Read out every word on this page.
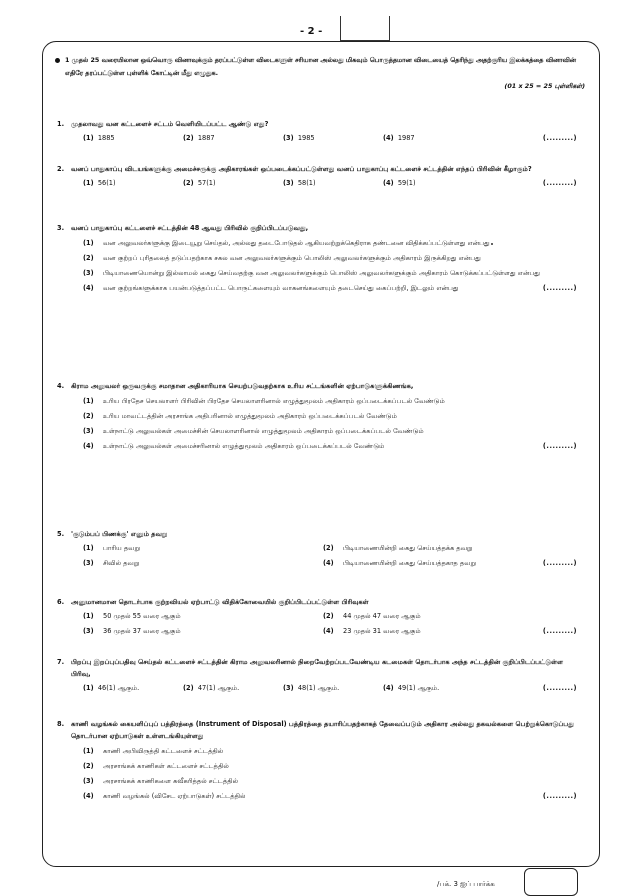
- 2 -
1 முதல் 25 வரையிலான ஒவ்வொரு வினாவுக்கும் தரப்பட்டுள்ள விடைகளுள் சரியான அல்லது மிகவும் பொருத்தமான விடையைத் தெரிந்து அதற்குரிய இலக்கத்தை வினாவின் எதிரே தரப்பட்டுள்ள புள்ளிக் கோட்டின் மீது எழுதுக.
(01 x 25 = 25 புள்ளிகள்)
1. முதலாவது வன கட்டளைச் சட்டம் வெளியிடப்பட்ட ஆண்டு எது?
(1) 1885	(2) 1887	(3) 1985	(4) 1987	(.........)
2. வனப் பாதுகாப்பு விடயங்களுக்கு அமைச்சருக்கு அதிகாரங்கள் ஒப்படைக்கப்பட்டுள்ளது வனப் பாதுகாப்பு கட்டளைச் சட்டத்தின் எந்தப் பிரிவின் கீழாகும்?
(1) 56(1)	(2) 57(1)	(3) 58(1)	(4) 59(1)	(.........)
3. வனப் பாதுகாப்பு கட்டளைச் சட்டத்தின் 48 ஆவது பிரிவில் குறிப்பிடப்படுவது,
(1) வன அலுவலர்களுக்கு இடையூறு செய்தல், அல்லது தடைபோடுதல் ஆகியவற்றுக்கெதிராக தண்டனை விதிக்கப்பட்டுள்ளது என்பது
(2) வன குற்றப் புரிதலைத் தடுப்பதற்காக சகல வன அலுவலர்களுக்கும் பொலிஸ் அலுவலர்களுக்கும் அதிகாரம் இருக்கிறது என்பது
(3) பிடியாணையொன்று இல்லாமல் கைது செய்வதற்கு வன அலுவலர்களுக்கும் பொலிஸ் அலுவலர்களுக்கும் அதிகாரம் கொடுக்கப்பட்டுள்ளது என்பது
(4) வன குற்றங்களுக்காக பயன்படுத்தப்பட்ட பொருட்களையும் வாகனங்களையும் தடைசெய்து கைப்பற்றி, இடலும் என்பது	(.........)
4. கிராம அலுவலர் ஒருவருக்கு சமாதான அதிகாரியாக செயற்படுவதற்காக உரிய சட்டங்களின் ஏற்பாடுகளுக்கிணங்க,
(1) உரிய பிரதேச செயலாளர் பிரிவின் பிரதேச செயலாளரினால் எழுத்துமூலம் அதிகாரம் ஒப்படைக்கப்படல் வேண்டும்
(2) உரிய மாவட்டத்தின் அரசாங்க அதிபரினால் எழுத்துமூலம் அதிகாரம் ஒப்படைக்கப்படல் வேண்டும்
(3) உள்நாட்டு அலுவல்கள் அமைச்சின் செயலாளரினால் எழுத்துமூலம் அதிகாரம் ஒப்படைக்கப்படல் வேண்டும்
(4) உள்நாட்டு அலுவல்கள் அமைச்சரினால் எழுத்துமூலம் அதிகாரம் ஒப்படைக்கப்படல் வேண்டும்	(.........)
5. 'குடும்பப் பிணக்கு' எனும் தவறு
(1) பாரிய தவறு	(2) பிடியாணையின்றி கைது செய்யத்தக்க தவறு
(3) சிவில் தவறு	(4) பிடியாணையின்றி கைது செய்யத்தகாத தவறு	(.........)
6. அனுமானமான தொடர்பாக குற்றவியல் ஏற்பாட்டு விதிக்கோவையில் குறிப்பிடப்பட்டுள்ள பிரிவுகள்
(1) 50 முதல் 55 வரை ஆகும்	(2) 44 முதல் 47 வரை ஆகும்
(3) 36 முதல் 37 வரை ஆகும்	(4) 23 முதல் 31 வரை ஆகும்	(.........)
7. பிறப்பு இறப்புப்பதிவு செய்தல் கட்டளைச் சட்டத்தின் கிராம அலுவலரினால் நிறைவேற்றப்படவேண்டிய கடமைகள் தொடர்பாக அந்த சட்டத்தின் குறிப்பிடப்பட்டுள்ள பிரிவு,
(1) 46(1) ஆகும்.	(2) 47(1) ஆகும்.	(3) 48(1) ஆகும்.	(4) 49(1) ஆகும்.	(.........)
8. காணி வழங்கல் கையளிப்புப் பத்திரத்தை (Instrument of Disposal) பத்திரத்தை தயாரிப்பதற்காகத் தேவைப்படும் அதிகார அல்லது தகவல்களை பெற்றுக்கொடுப்பது தொடர்பான ஏற்பாடுகள் உள்ளடங்கியுள்ளது
(1) காணி அபிவிருத்தி கட்டளைச் சட்டத்தில்
(2) அரசாங்கக் காணிகள் கட்டளைச் சட்டத்தில்
(3) அரசாங்கக் காணிகளை கவீகரித்தல் சட்டத்தில்
(4) காணி வழங்கல் (விசேட ஏற்பாடுகள்) சட்டத்தில்	(.........)
/பக். 3 ஐப் பார்க்க
